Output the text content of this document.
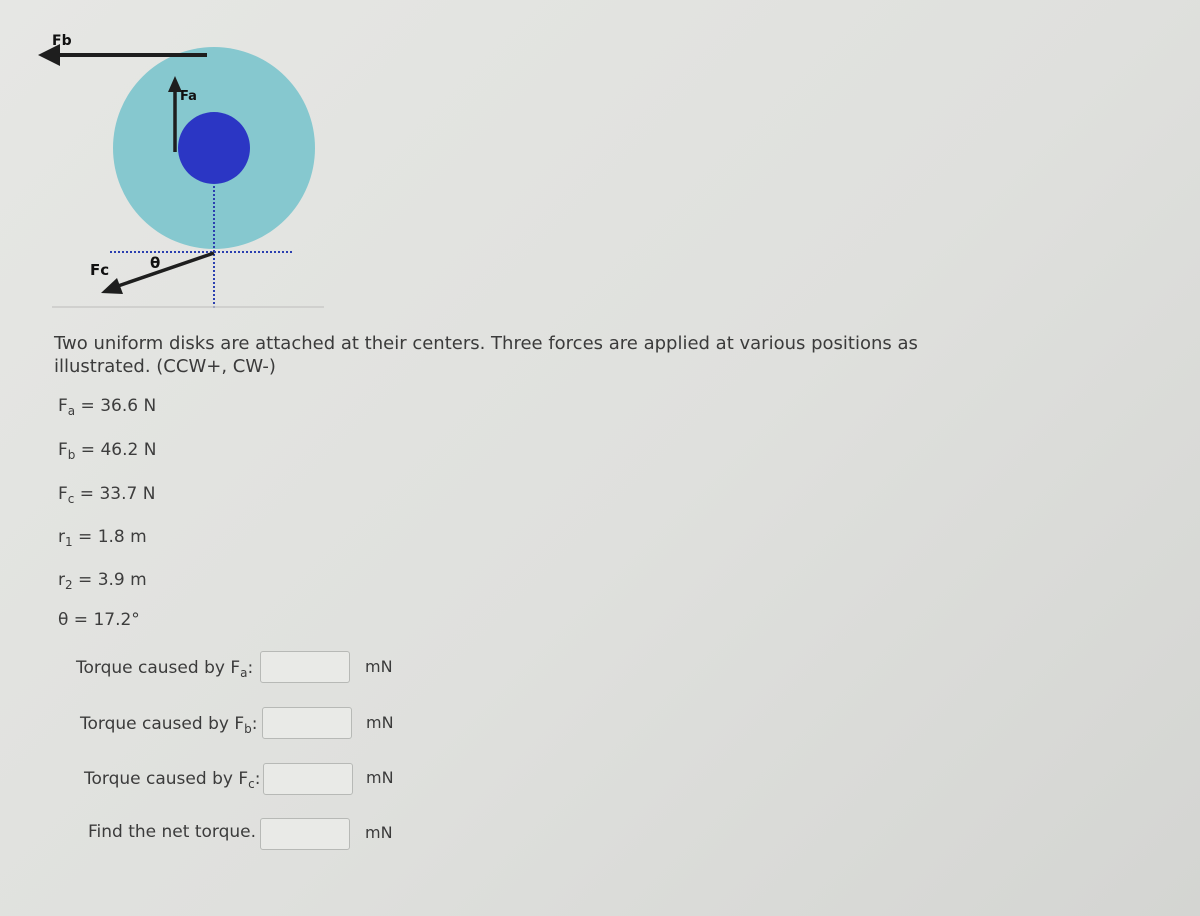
Fb
Fa
Fc	θ

Two uniform disks are attached at their centers. Three forces are applied at various positions as illustrated. (CCW+, CW-)

$F_a = 36.6$ N

$F_b = 46.2$ N

$F_c = 33.7$ N

$r_1 = 1.8$ m

$r_2 = 3.9$ m

θ = 17.2°

Torque caused by $F_a$:	mN
Torque caused by $F_b$:	mN
Torque caused by $F_c$:	mN
Find the net torque.	mN
